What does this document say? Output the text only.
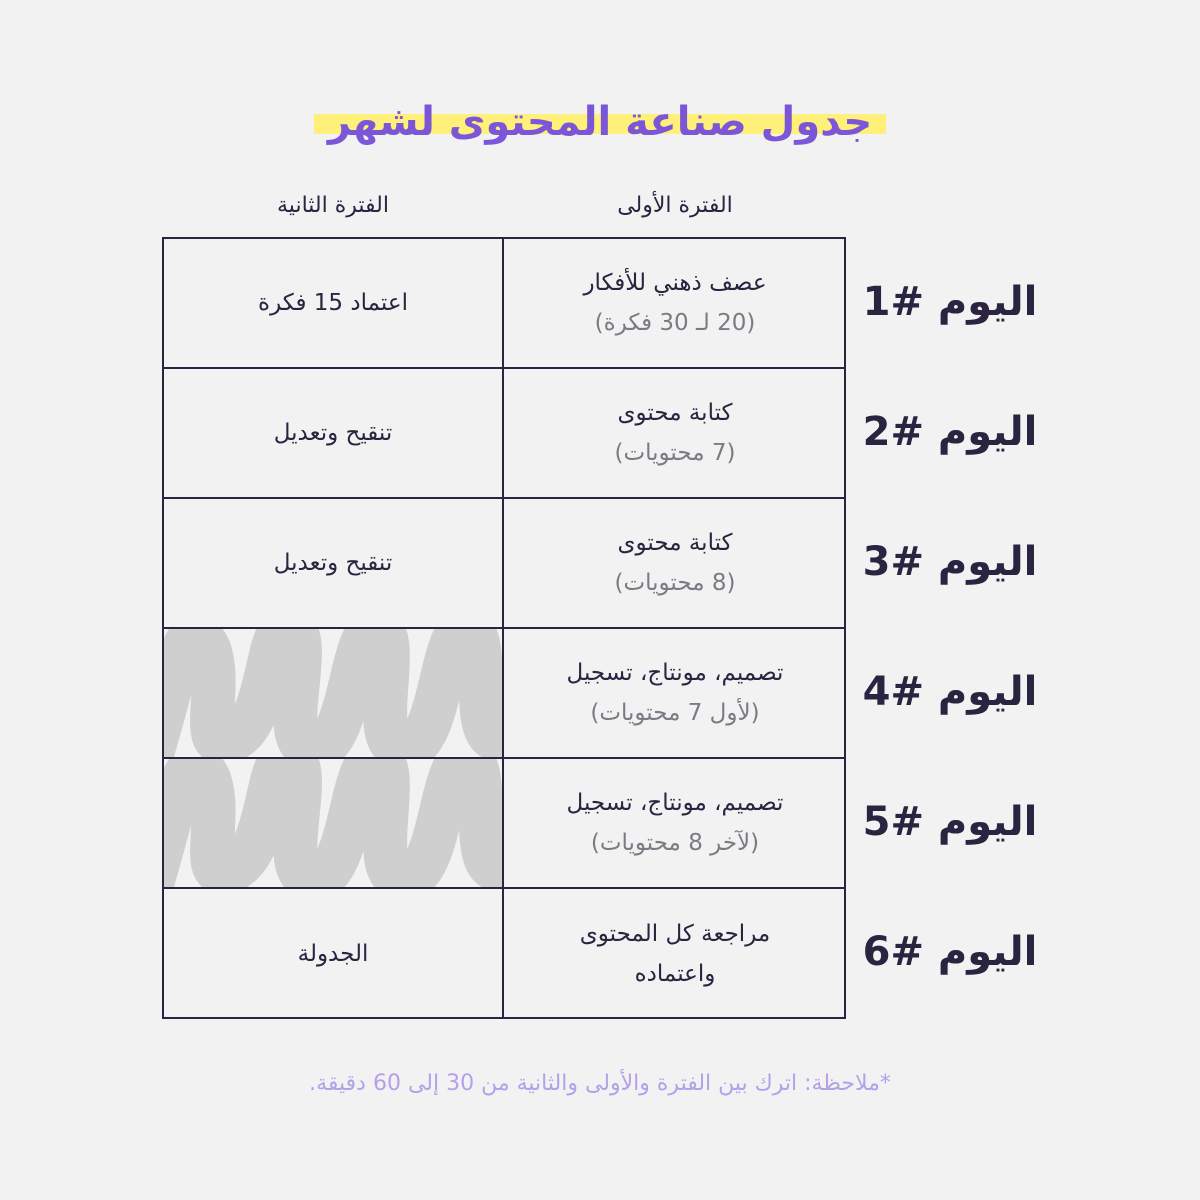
جدول صناعة المحتوى لشهر
الفترة الأولى
الفترة الثانية
اعتماد 15 فكرة
عصف ذهني للأفكار
(20 لـ 30 فكرة)
تنقيح وتعديل
كتابة محتوى
(7 محتويات)
تنقيح وتعديل
كتابة محتوى
(8 محتويات)
تصميم، مونتاج، تسجيل
(لأول 7 محتويات)
تصميم، مونتاج، تسجيل
(لآخر 8 محتويات)
الجدولة
مراجعة كل المحتوى
واعتماده
اليوم #1
اليوم #2
اليوم #3
اليوم #4
اليوم #5
اليوم #6
*ملاحظة: اترك بين الفترة والأولى والثانية من 30 إلى 60 دقيقة.
